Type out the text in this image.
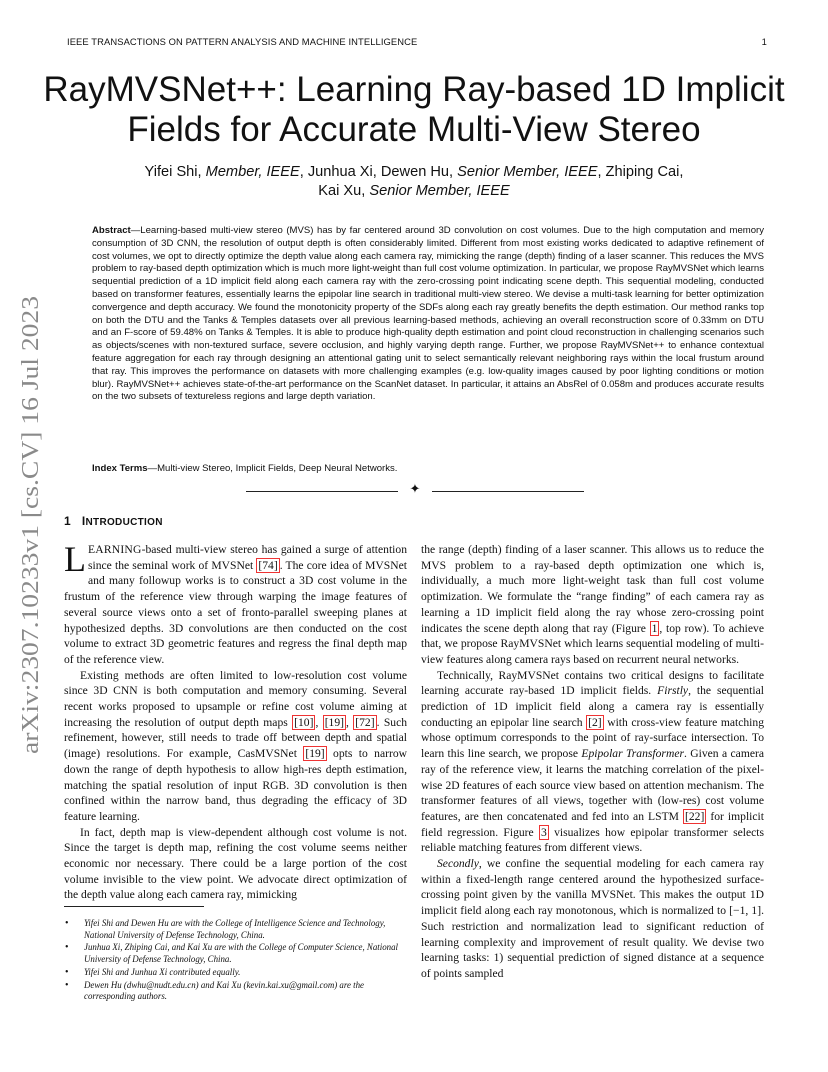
IEEE TRANSACTIONS ON PATTERN ANALYSIS AND MACHINE INTELLIGENCE	1
RayMVSNet++: Learning Ray-based 1D Implicit
Fields for Accurate Multi-View Stereo
Yifei Shi, Member, IEEE, Junhua Xi, Dewen Hu, Senior Member, IEEE, Zhiping Cai,
Kai Xu, Senior Member, IEEE
arXiv:2307.10233v1 [cs.CV] 16 Jul 2023
Abstract—Learning-based multi-view stereo (MVS) has by far centered around 3D convolution on cost volumes. Due to the high computation and memory consumption of 3D CNN, the resolution of output depth is often considerably limited. Different from most existing works dedicated to adaptive refinement of cost volumes, we opt to directly optimize the depth value along each camera ray, mimicking the range (depth) finding of a laser scanner. This reduces the MVS problem to ray-based depth optimization which is much more light-weight than full cost volume optimization. In particular, we propose RayMVSNet which learns sequential prediction of a 1D implicit field along each camera ray with the zero-crossing point indicating scene depth. This sequential modeling, conducted based on transformer features, essentially learns the epipolar line search in traditional multi-view stereo. We devise a multi-task learning for better optimization convergence and depth accuracy. We found the monotonicity property of the SDFs along each ray greatly benefits the depth estimation. Our method ranks top on both the DTU and the Tanks & Temples datasets over all previous learning-based methods, achieving an overall reconstruction score of 0.33mm on DTU and an F-score of 59.48% on Tanks & Temples. It is able to produce high-quality depth estimation and point cloud reconstruction in challenging scenarios such as objects/scenes with non-textured surface, severe occlusion, and highly varying depth range. Further, we propose RayMVSNet++ to enhance contextual feature aggregation for each ray through designing an attentional gating unit to select semantically relevant neighboring rays within the local frustum around that ray. This improves the performance on datasets with more challenging examples (e.g. low-quality images caused by poor lighting conditions or motion blur). RayMVSNet++ achieves state-of-the-art performance on the ScanNet dataset. In particular, it attains an AbsRel of 0.058m and produces accurate results on the two subsets of textureless regions and large depth variation.
Index Terms—Multi-view Stereo, Implicit Fields, Deep Neural Networks.
✦
1 INTRODUCTION

LEARNING-based multi-view stereo has gained a surge of attention since the seminal work of MVSNet [74] . The core idea of MVSNet and many followup works is to construct a 3D cost volume in the frustum of the reference view through warping the image features of several source views onto a set of fronto-parallel sweeping planes at hypothesized depths. 3D convolutions are then conducted on the cost volume to extract 3D geometric features and regress the final depth map of the reference view.

Existing methods are often limited to low-resolution cost volume since 3D CNN is both computation and memory consuming. Several recent works proposed to upsample or refine cost volume aiming at increasing the resolution of output depth maps [10] , [19] , [72] . Such refinement, however, still needs to trade off between depth and spatial (image) resolutions. For example, CasMVSNet [19] opts to narrow down the range of depth hypothesis to allow high-res depth estimation, matching the spatial resolution of input RGB. 3D convolution is then confined within the narrow band, thus degrading the efficacy of 3D feature learning.

In fact, depth map is view-dependent although cost volume is not. Since the target is depth map, refining the cost volume seems neither economic nor necessary. There could be a large portion of the cost volume invisible to the view point. We advocate direct optimization of the depth value along each camera ray, mimicking

• Yifei Shi and Dewen Hu are with the College of Intelligence Science and Technology, National University of Defense Technology, China.
• Junhua Xi, Zhiping Cai, and Kai Xu are with the College of Computer Science, National University of Defense Technology, China.
• Yifei Shi and Junhua Xi contributed equally.
• Dewen Hu (dwhu@nudt.edu.cn) and Kai Xu (kevin.kai.xu@gmail.com) are the corresponding authors.

the range (depth) finding of a laser scanner. This allows us to reduce the MVS problem to a ray-based depth optimization one which is, individually, a much more light-weight task than full cost volume optimization. We formulate the “range finding” of each camera ray as learning a 1D implicit field along the ray whose zero-crossing point indicates the scene depth along that ray (Figure 1 , top row). To achieve that, we propose RayMVSNet which learns sequential modeling of multi-view features along camera rays based on recurrent neural networks.

Technically, RayMVSNet contains two critical designs to facilitate learning accurate ray-based 1D implicit fields. Firstly, the sequential prediction of 1D implicit field along a camera ray is essentially conducting an epipolar line search [2] with cross-view feature matching whose optimum corresponds to the point of ray-surface intersection. To learn this line search, we propose Epipolar Transformer. Given a camera ray of the reference view, it learns the matching correlation of the pixel-wise 2D features of each source view based on attention mechanism. The transformer features of all views, together with (low-res) cost volume features, are then concatenated and fed into an LSTM [22] for implicit field regression. Figure 3 visualizes how epipolar transformer selects reliable matching features from different views.

Secondly, we confine the sequential modeling for each camera ray within a fixed-length range centered around the hypothesized surface-crossing point given by the vanilla MVSNet. This makes the output 1D implicit field along each ray monotonous, which is normalized to [−1, 1]. Such restriction and normalization lead to significant reduction of learning complexity and improvement of result quality. We devise two learning tasks: 1) sequential prediction of signed distance at a sequence of points sampled
